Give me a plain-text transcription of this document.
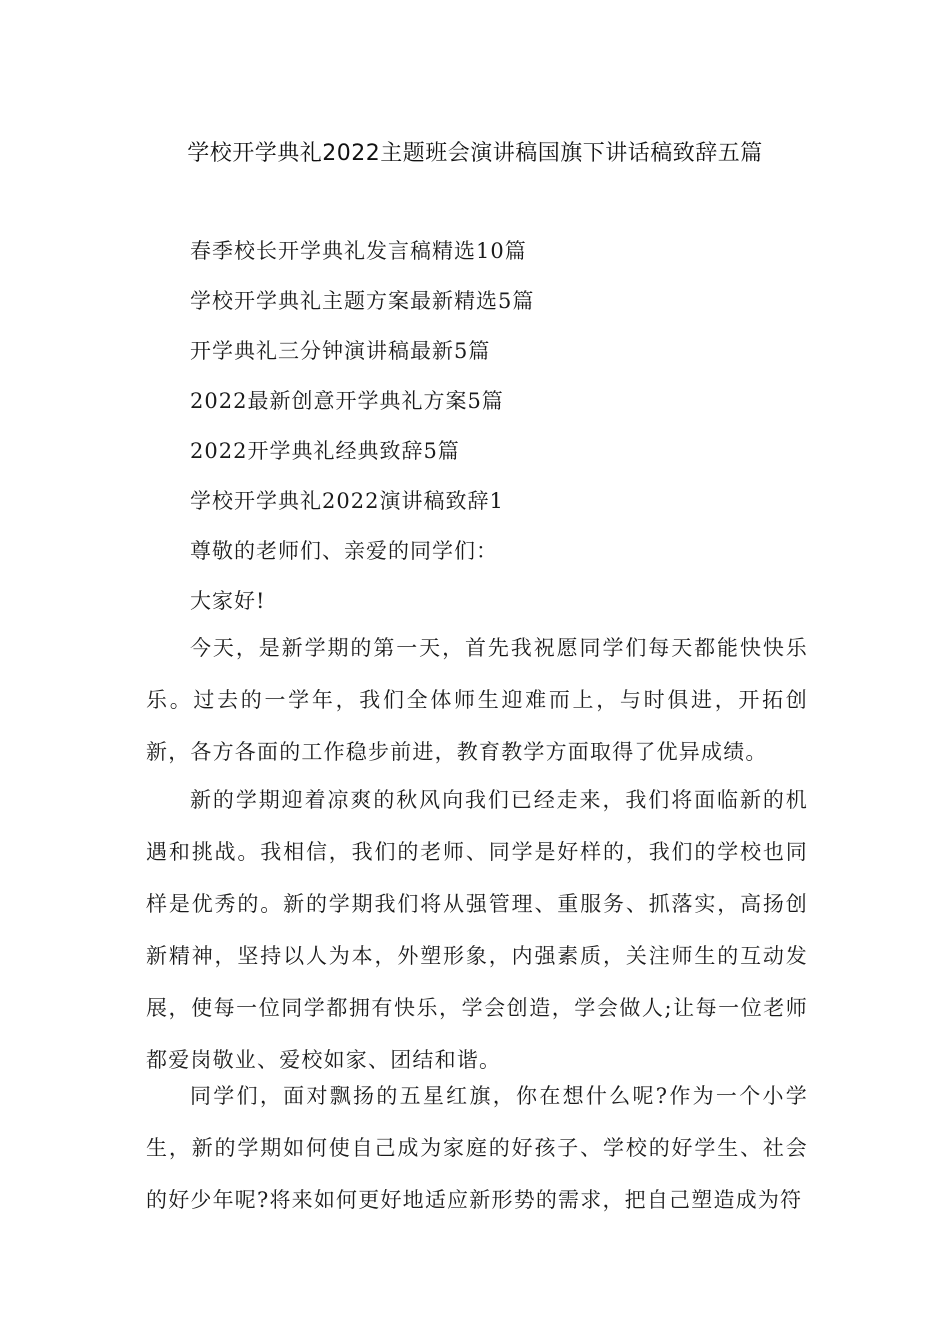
学校开学典礼2022主题班会演讲稿国旗下讲话稿致辞五篇
春季校长开学典礼发言稿精选10篇
学校开学典礼主题方案最新精选5篇
开学典礼三分钟演讲稿最新5篇
2022最新创意开学典礼方案5篇
2022开学典礼经典致辞5篇
学校开学典礼2022演讲稿致辞1
尊敬的老师们、亲爱的同学们：
大家好!

今天，是新学期的第一天，首先我祝愿同学们每天都能快快乐乐。过去的一学年，我们全体师生迎难而上，与时俱进，开拓创新，各方各面的工作稳步前进，教育教学方面取得了优异成绩。

新的学期迎着凉爽的秋风向我们已经走来，我们将面临新的机遇和挑战。我相信，我们的老师、同学是好样的，我们的学校也同样是优秀的。新的学期我们将从强管理、重服务、抓落实，高扬创新精神，坚持以人为本，外塑形象，内强素质，关注师生的互动发展，使每一位同学都拥有快乐，学会创造，学会做人;让每一位老师都爱岗敬业、爱校如家、团结和谐。

同学们，面对飘扬的五星红旗，你在想什么呢?作为一个小学生，新的学期如何使自己成为家庭的好孩子、学校的好学生、社会的好少年呢?将来如何更好地适应新形势的需求，把自己塑造成为符
